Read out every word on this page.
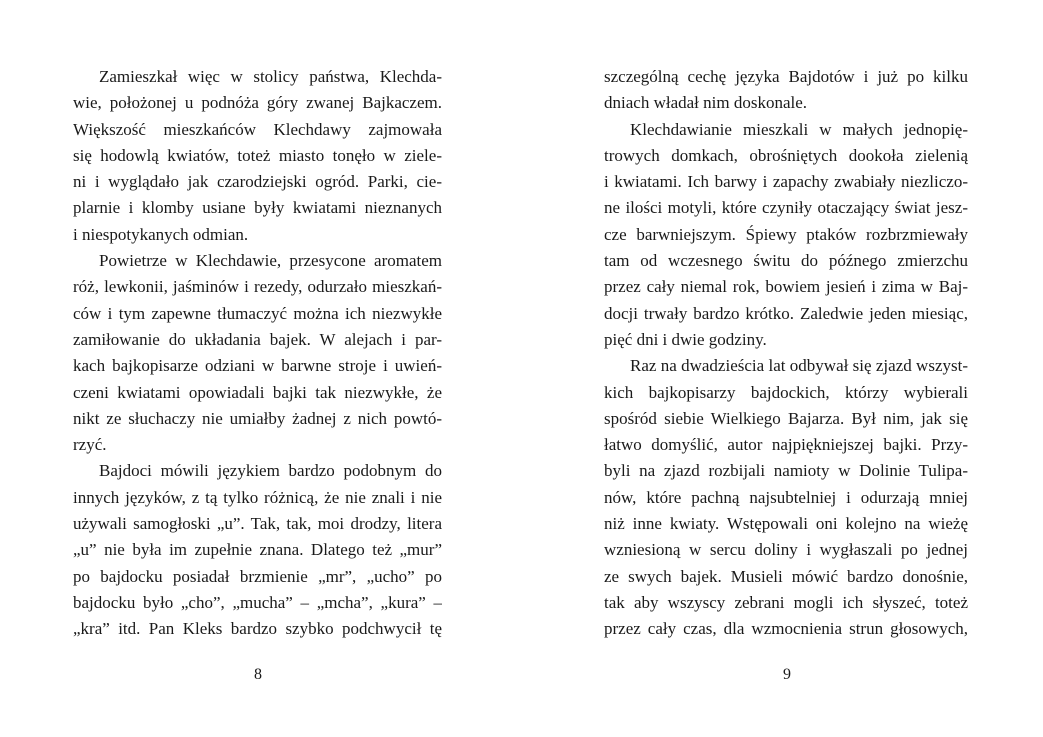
Zamieszkał więc w stolicy państwa, Klechda-
wie, położonej u podnóża góry zwanej Bajkaczem.
Większość mieszkańców Klechdawy zajmowała
się hodowlą kwiatów, toteż miasto tonęło w ziele-
ni i wyglądało jak czarodziejski ogród. Parki, cie-
plarnie i klomby usiane były kwiatami nieznanych
i niespotykanych odmian.
Powietrze w Klechdawie, przesycone aromatem
róż, lewkonii, jaśminów i rezedy, odurzało mieszkań-
ców i tym zapewne tłumaczyć można ich niezwykłe
zamiłowanie do układania bajek. W alejach i par-
kach bajkopisarze odziani w barwne stroje i uwień-
czeni kwiatami opowiadali bajki tak niezwykłe, że
nikt ze słuchaczy nie umiałby żadnej z nich powtó-
rzyć.
Bajdoci mówili językiem bardzo podobnym do
innych języków, z tą tylko różnicą, że nie znali i nie
używali samogłoski „u”. Tak, tak, moi drodzy, litera
„u” nie była im zupełnie znana. Dlatego też „mur”
po bajdocku posiadał brzmienie „mr”, „ucho” po
bajdocku było „cho”, „mucha” – „mcha”, „kura” –
„kra” itd. Pan Kleks bardzo szybko podchwycił tę
8
szczególną cechę języka Bajdotów i już po kilku
dniach władał nim doskonale.
Klechdawianie mieszkali w małych jednopię-
trowych domkach, obrośniętych dookoła zielenią
i kwiatami. Ich barwy i zapachy zwabiały niezliczo-
ne ilości motyli, które czyniły otaczający świat jesz-
cze barwniejszym. Śpiewy ptaków rozbrzmiewały
tam od wczesnego świtu do późnego zmierzchu
przez cały niemal rok, bowiem jesień i zima w Baj-
docji trwały bardzo krótko. Zaledwie jeden miesiąc,
pięć dni i dwie godziny.
Raz na dwadzieścia lat odbywał się zjazd wszyst-
kich bajkopisarzy bajdockich, którzy wybierali
spośród siebie Wielkiego Bajarza. Był nim, jak się
łatwo domyślić, autor najpiękniejszej bajki. Przy-
byli na zjazd rozbijali namioty w Dolinie Tulipa-
nów, które pachną najsubtelniej i odurzają mniej
niż inne kwiaty. Wstępowali oni kolejno na wieżę
wzniesioną w sercu doliny i wygłaszali po jednej
ze swych bajek. Musieli mówić bardzo donośnie,
tak aby wszyscy zebrani mogli ich słyszeć, toteż
przez cały czas, dla wzmocnienia strun głosowych,
9
